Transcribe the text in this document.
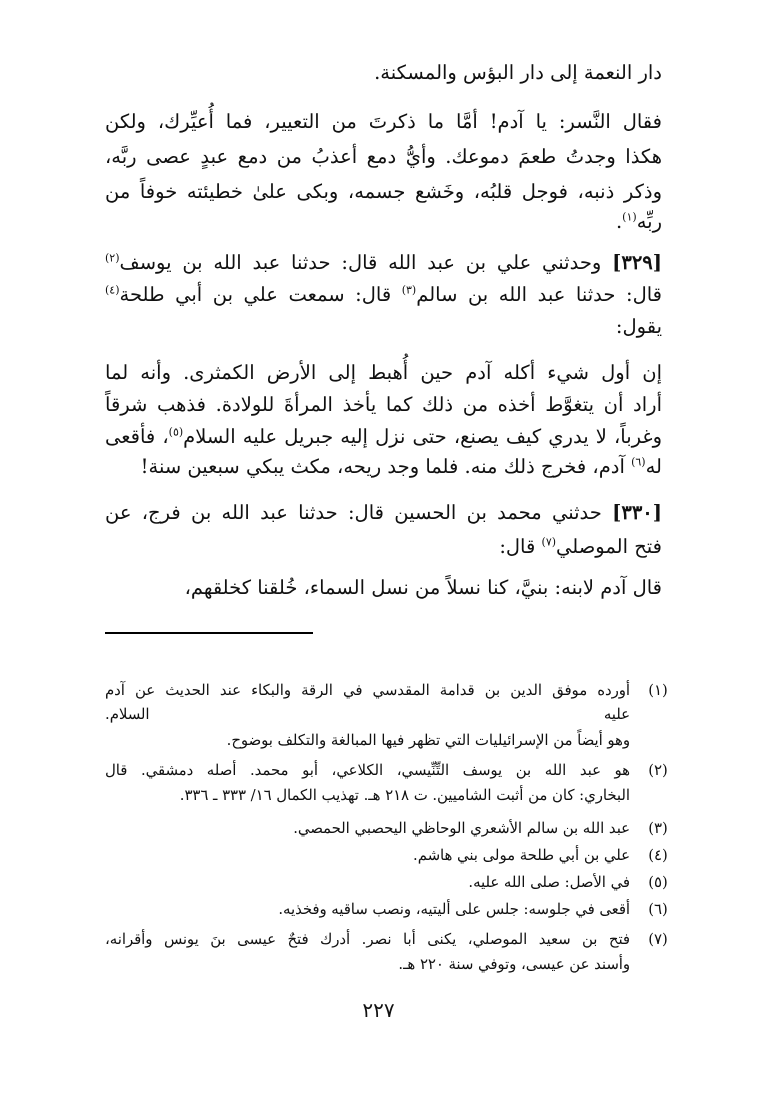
دار النعمة إلى دار البؤس والمسكنة.
فقال النَّسر: يا آدم! أمَّا ما ذكرتَ من التعيير، فما أُعيِّرك، ولكن
هكذا وجدتُ طعمَ دموعك. وأيُّ دمع أعذبُ من دمع عبدٍ عصى ربَّه،
وذكر ذنبه، فوجل قلبُه، وخَشع جسمه، وبكى علىٰ خطيئته خوفاً من
ربِّه$^{(١)}$.
[٣٢٩] وحدثني علي بن عبد الله قال: حدثنا عبد الله بن يوسف$^{(٢)}$
قال: حدثنا عبد الله بن سالم$^{(٣)}$ قال: سمعت علي بن أبي طلحة$^{(٤)}$
يقول:
إن أول شيء أكله آدم حين أُهبط إلى الأرض الكمثرى. وأنه لما
أراد أن يتغوَّط أخذه من ذلك كما يأخذ المرأةَ للولادة. فذهب شرقاً
وغرباً، لا يدري كيف يصنع، حتى نزل إليه جبريل عليه السلام$^{(٥)}$، فأقعى
له$^{(٦)}$ آدم، فخرج ذلك منه. فلما وجد ريحه، مكث يبكي سبعين سنة!
[٣٣٠] حدثني محمد بن الحسين قال: حدثنا عبد الله بن فرج، عن
فتح الموصلي$^{(٧)}$ قال:
قال آدم لابنه: بنيَّ، كنا نسلاً من نسل السماء، خُلقنا كخلقهم،
(١)
أورده موفق الدين بن قدامة المقدسي في الرقة والبكاء عند الحديث عن آدم
عليه السلام.
وهو أيضاً من الإسرائيليات التي تظهر فيها المبالغة والتكلف بوضوح.
(٢)
هو عبد الله بن يوسف التِّنِّيسي، الكلاعي، أبو محمد. أصله دمشقي. قال
البخاري: كان من أثبت الشاميين. ت ٢١٨ هـ. تهذيب الكمال ١٦/ ٣٣٣ ـ ٣٣٦.
(٣)
عبد الله بن سالم الأشعري الوحاظي اليحصبي الحمصي.
(٤)
علي بن أبي طلحة مولى بني هاشم.
(٥)
في الأصل: صلى الله عليه.
(٦)
أقعى في جلوسه: جلس على أليتيه، ونصب ساقيه وفخذيه.
(٧)
فتح بن سعيد الموصلي، يكنى أبا نصر. أدرك فتحٌ عيسى بنَ يونس وأقرانه،
وأسند عن عيسى، وتوفي سنة ٢٢٠ هـ.
٢٢٧
